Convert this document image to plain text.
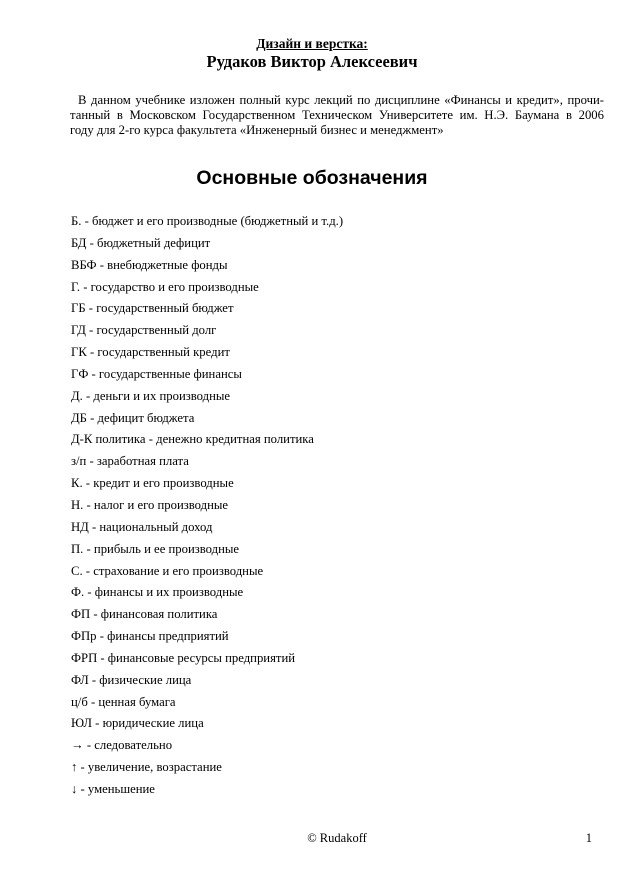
Дизайн и верстка:
Рудаков Виктор Алексеевич
В данном учебнике изложен полный курс лекций по дисциплине «Финансы и кредит», прочи-
танный в Московском Государственном Техническом Университете им. Н.Э. Баумана в 2006
году для 2-го курса факультета «Инженерный бизнес и менеджмент»
Основные обозначения
Б. - бюджет и его производные (бюджетный и т.д.)
БД - бюджетный дефицит
ВБФ - внебюджетные фонды
Г. - государство и его производные
ГБ - государственный бюджет
ГД - государственный долг
ГК - государственный кредит
ГФ - государственные финансы
Д. - деньги и их производные
ДБ - дефицит бюджета
Д-К политика - денежно кредитная политика
з/п - заработная плата
К. - кредит и его производные
Н. - налог и его производные
НД - национальный доход
П. - прибыль и ее производные
С. - страхование и его производные
Ф. - финансы и их производные
ФП - финансовая политика
ФПр - финансы предприятий
ФРП - финансовые ресурсы предприятий
ФЛ - физические лица
ц/б - ценная бумага
ЮЛ - юридические лица
→ - следовательно
↑ - увеличение, возрастание
↓ - уменьшение
© Rudakoff	1
